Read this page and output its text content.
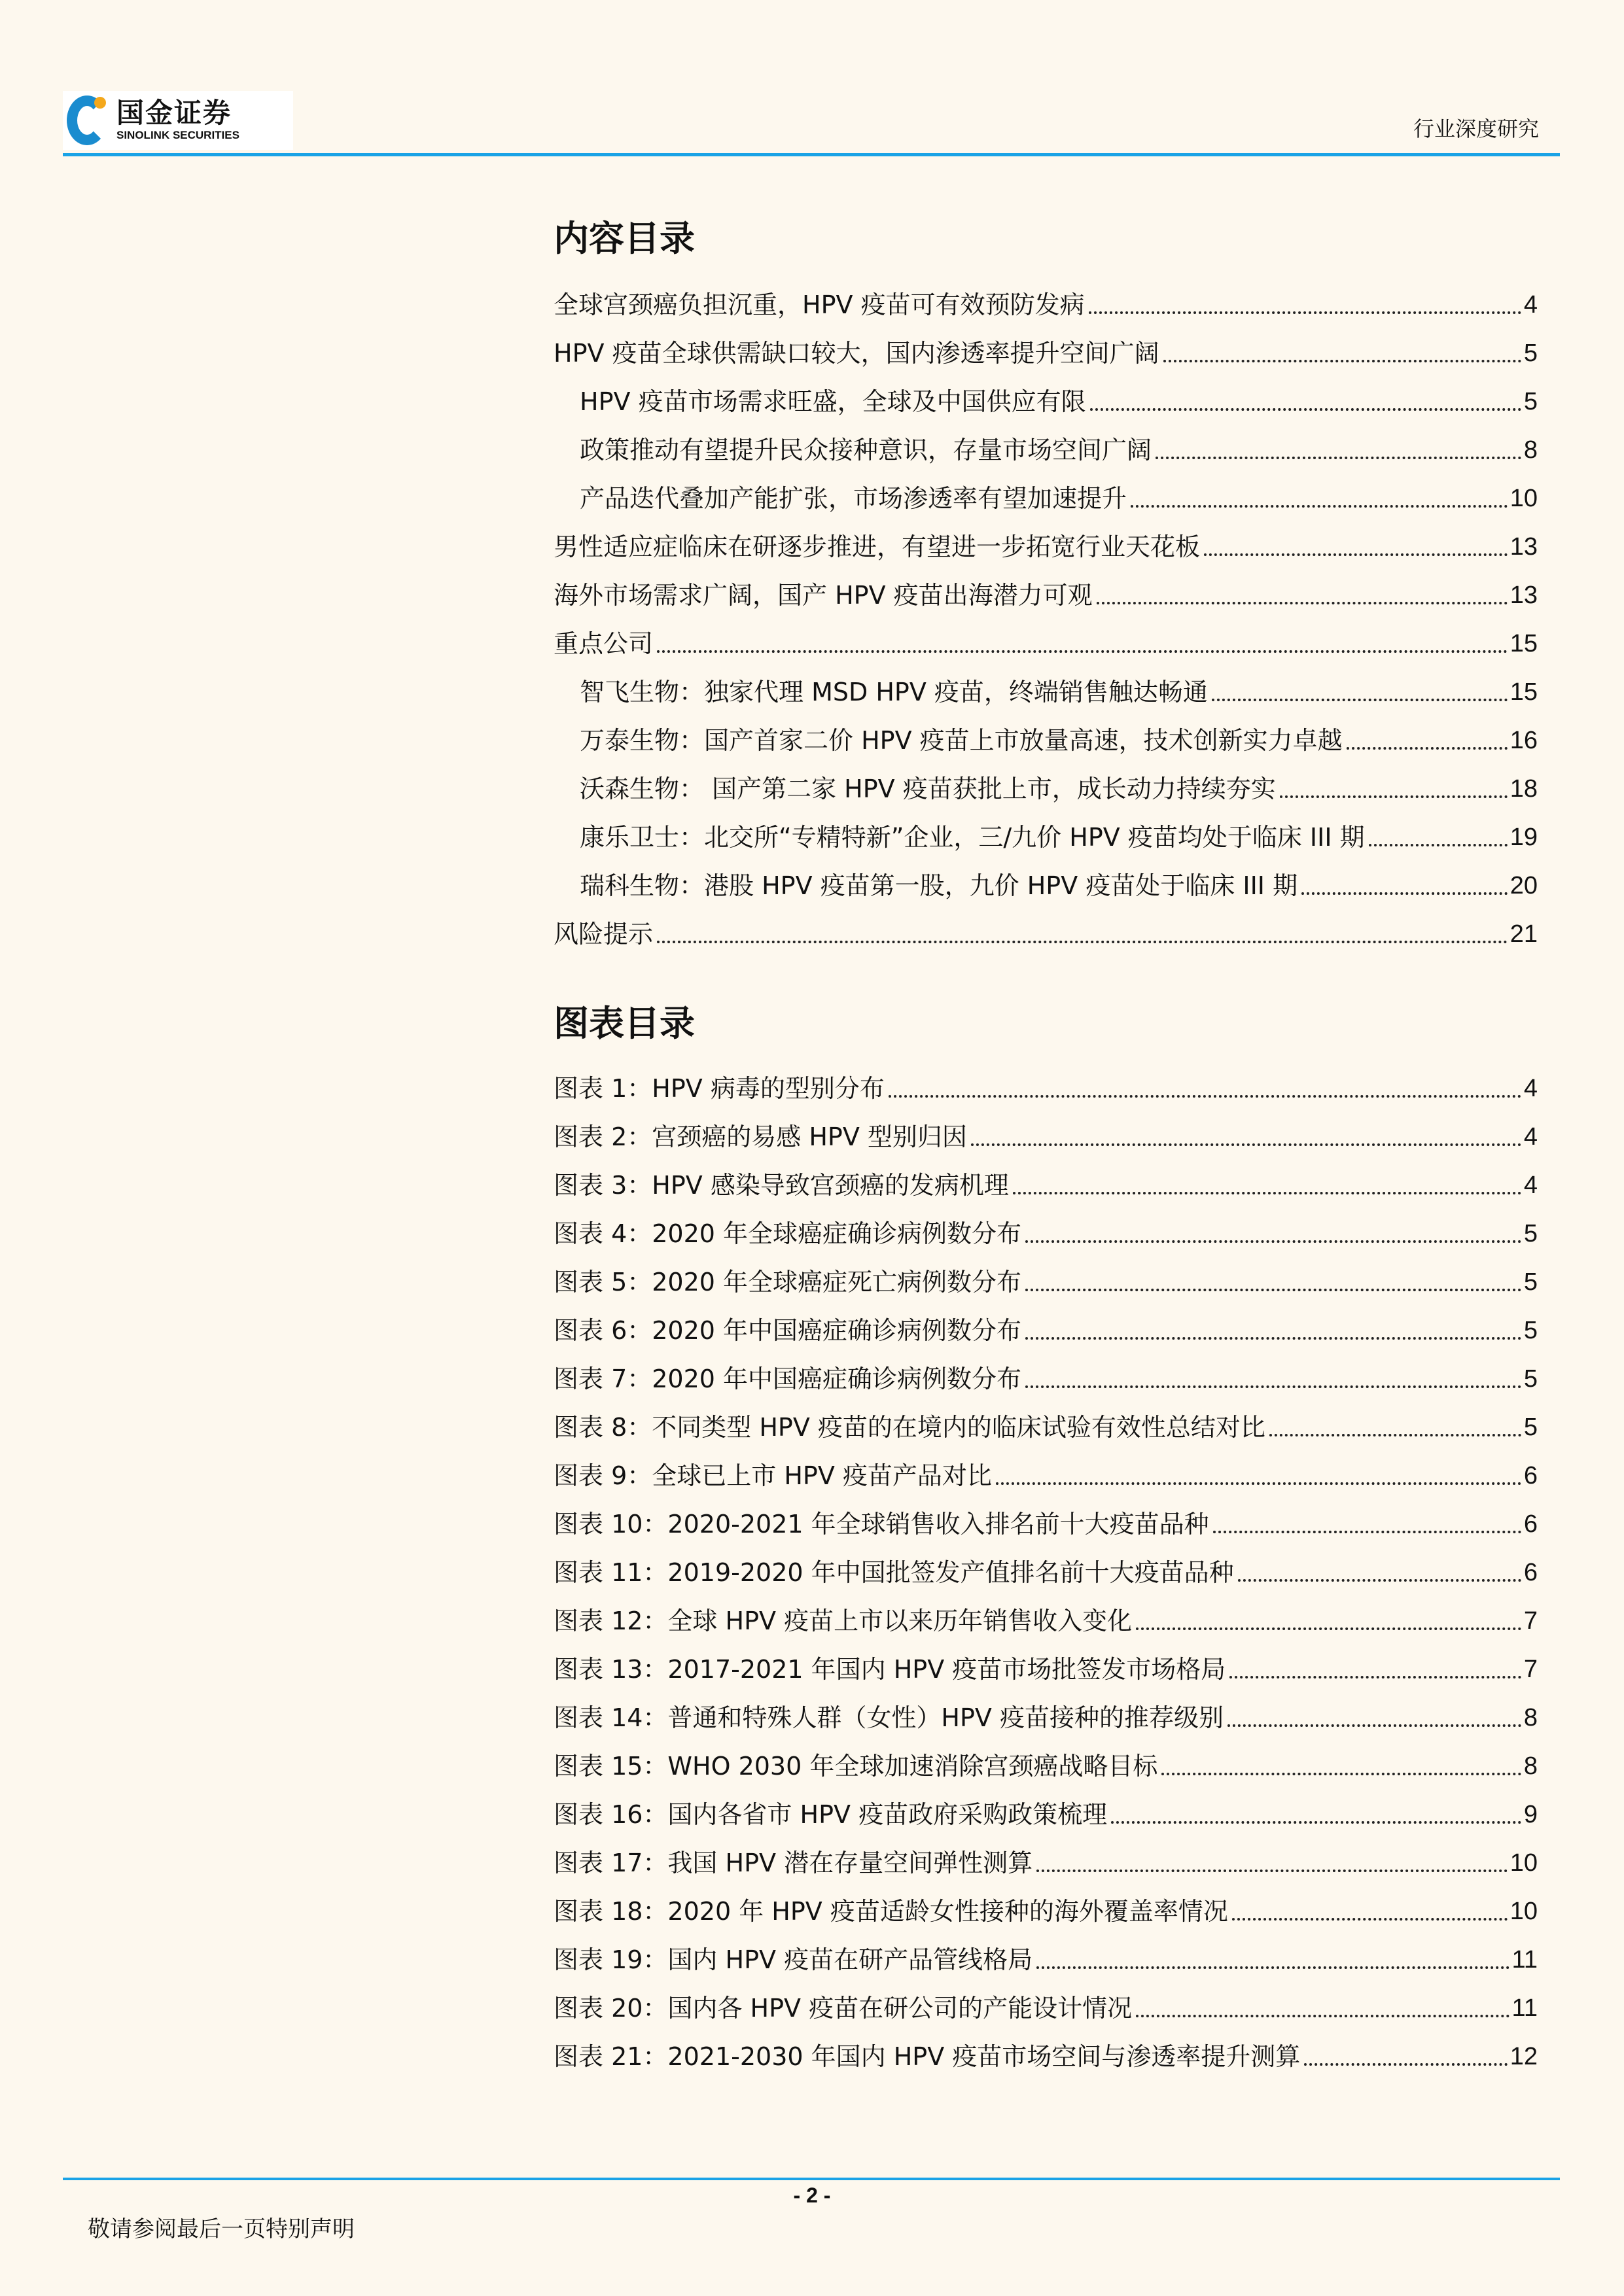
国金证券
SINOLINK SECURITIES	行业深度研究
内容目录
全球宫颈癌负担沉重，HPV 疫苗可有效预防发病	4
HPV 疫苗全球供需缺口较大，国内渗透率提升空间广阔	5
HPV 疫苗市场需求旺盛，全球及中国供应有限	5
政策推动有望提升民众接种意识，存量市场空间广阔	8
产品迭代叠加产能扩张，市场渗透率有望加速提升	10
男性适应症临床在研逐步推进，有望进一步拓宽行业天花板	13
海外市场需求广阔，国产 HPV 疫苗出海潜力可观	13
重点公司	15
智飞生物：独家代理 MSD HPV 疫苗，终端销售触达畅通	15
万泰生物：国产首家二价 HPV 疫苗上市放量高速，技术创新实力卓越	16
沃森生物： 国产第二家 HPV 疫苗获批上市，成长动力持续夯实	18
康乐卫士：北交所“专精特新”企业，三/九价 HPV 疫苗均处于临床 III 期	19
瑞科生物：港股 HPV 疫苗第一股，九价 HPV 疫苗处于临床 III 期	20
风险提示	21
图表目录
图表 1：HPV 病毒的型别分布	4
图表 2：宫颈癌的易感 HPV 型别归因	4
图表 3：HPV 感染导致宫颈癌的发病机理	4
图表 4：2020 年全球癌症确诊病例数分布	5
图表 5：2020 年全球癌症死亡病例数分布	5
图表 6：2020 年中国癌症确诊病例数分布	5
图表 7：2020 年中国癌症确诊病例数分布	5
图表 8：不同类型 HPV 疫苗的在境内的临床试验有效性总结对比	5
图表 9：全球已上市 HPV 疫苗产品对比	6
图表 10：2020-2021 年全球销售收入排名前十大疫苗品种	6
图表 11：2019-2020 年中国批签发产值排名前十大疫苗品种	6
图表 12：全球 HPV 疫苗上市以来历年销售收入变化	7
图表 13：2017-2021 年国内 HPV 疫苗市场批签发市场格局	7
图表 14：普通和特殊人群（女性）HPV 疫苗接种的推荐级别	8
图表 15：WHO 2030 年全球加速消除宫颈癌战略目标	8
图表 16：国内各省市 HPV 疫苗政府采购政策梳理	9
图表 17：我国 HPV 潜在存量空间弹性测算	10
图表 18：2020 年 HPV 疫苗适龄女性接种的海外覆盖率情况	10
图表 19：国内 HPV 疫苗在研产品管线格局	11
图表 20：国内各 HPV 疫苗在研公司的产能设计情况	11
图表 21：2021-2030 年国内 HPV 疫苗市场空间与渗透率提升测算	12
- 2 -
敬请参阅最后一页特别声明
